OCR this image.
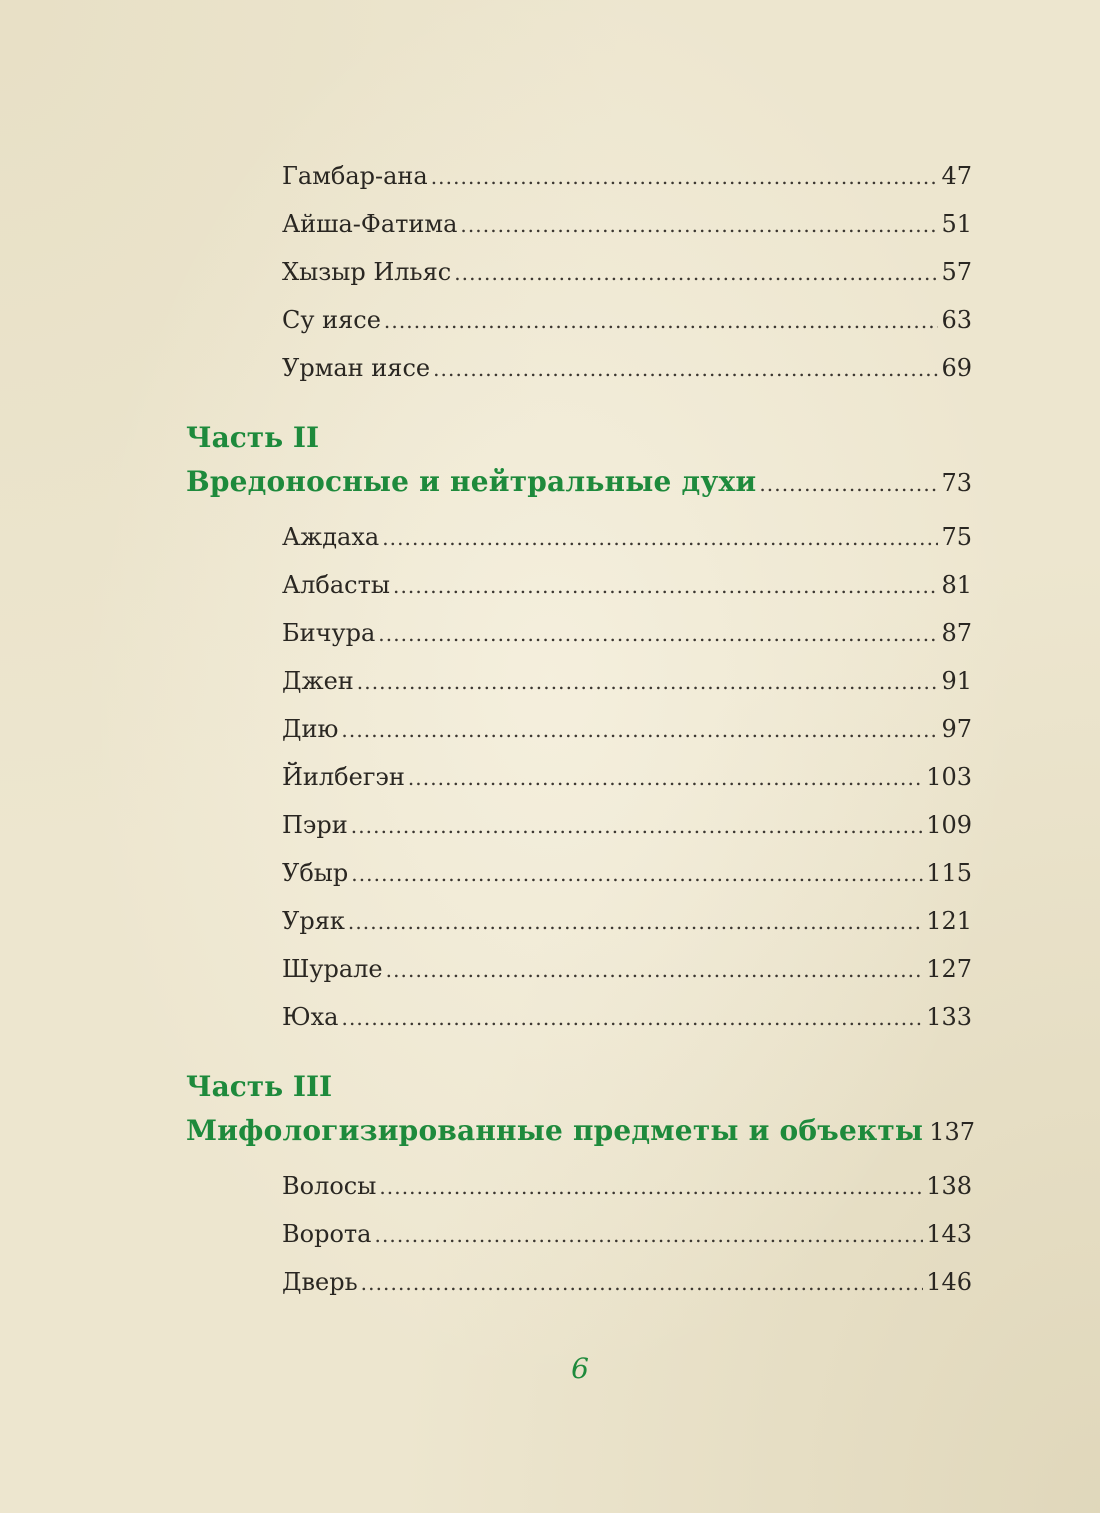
Гамбар-ана .....	47
Айша-Фатима .....	51
Хызыр Ильяс .....	57
Су иясе .....	63
Урман иясе .....	69
Часть II
Вредоносные и нейтральные духи .....	73
Аждаха .....	75
Албасты .....	81
Бичура .....	87
Джен .....	91
Дию .....	97
Йилбегэн .....	103
Пэри .....	109
Убыр .....	115
Уряк .....	121
Шурале .....	127
Юха .....	133
Часть III
Мифологизированные предметы и объекты 137
Волосы .....	138
Ворота .....	143
Дверь .....	146
6
